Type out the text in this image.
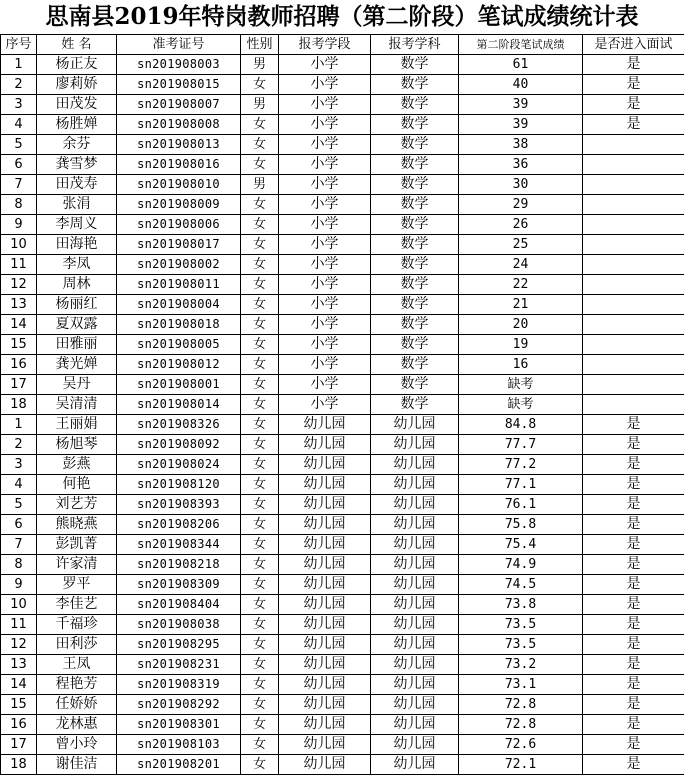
思南县2019年特岗教师招聘（第二阶段）笔试成绩统计表
序号	姓 名	准考证号	性别	报考学段	报考学科	第二阶段笔试成绩	是否进入面试
1	杨正友	sn201908003	男	小学	数学	61	是
2	廖莉娇	sn201908015	女	小学	数学	40	是
3	田茂发	sn201908007	男	小学	数学	39	是
4	杨胜婵	sn201908008	女	小学	数学	39	是
5	余芬	sn201908013	女	小学	数学	38	
6	龚雪梦	sn201908016	女	小学	数学	36	
7	田茂寿	sn201908010	男	小学	数学	30	
8	张涓	sn201908009	女	小学	数学	29	
9	李周义	sn201908006	女	小学	数学	26	
10	田海艳	sn201908017	女	小学	数学	25	
11	李凤	sn201908002	女	小学	数学	24	
12	周林	sn201908011	女	小学	数学	22	
13	杨丽红	sn201908004	女	小学	数学	21	
14	夏双露	sn201908018	女	小学	数学	20	
15	田雅丽	sn201908005	女	小学	数学	19	
16	龚光婵	sn201908012	女	小学	数学	16	
17	吴丹	sn201908001	女	小学	数学	缺考	
18	吴清清	sn201908014	女	小学	数学	缺考	
1	王丽娟	sn201908326	女	幼儿园	幼儿园	84.8	是
2	杨旭琴	sn201908092	女	幼儿园	幼儿园	77.7	是
3	彭燕	sn201908024	女	幼儿园	幼儿园	77.2	是
4	何艳	sn201908120	女	幼儿园	幼儿园	77.1	是
5	刘艺芳	sn201908393	女	幼儿园	幼儿园	76.1	是
6	熊晓燕	sn201908206	女	幼儿园	幼儿园	75.8	是
7	彭凯菁	sn201908344	女	幼儿园	幼儿园	75.4	是
8	许家清	sn201908218	女	幼儿园	幼儿园	74.9	是
9	罗平	sn201908309	女	幼儿园	幼儿园	74.5	是
10	李佳艺	sn201908404	女	幼儿园	幼儿园	73.8	是
11	千福珍	sn201908038	女	幼儿园	幼儿园	73.5	是
12	田利莎	sn201908295	女	幼儿园	幼儿园	73.5	是
13	王凤	sn201908231	女	幼儿园	幼儿园	73.2	是
14	程艳芳	sn201908319	女	幼儿园	幼儿园	73.1	是
15	任娇娇	sn201908292	女	幼儿园	幼儿园	72.8	是
16	龙林惠	sn201908301	女	幼儿园	幼儿园	72.8	是
17	曾小玲	sn201908103	女	幼儿园	幼儿园	72.6	是
18	谢佳洁	sn201908201	女	幼儿园	幼儿园	72.1	是
